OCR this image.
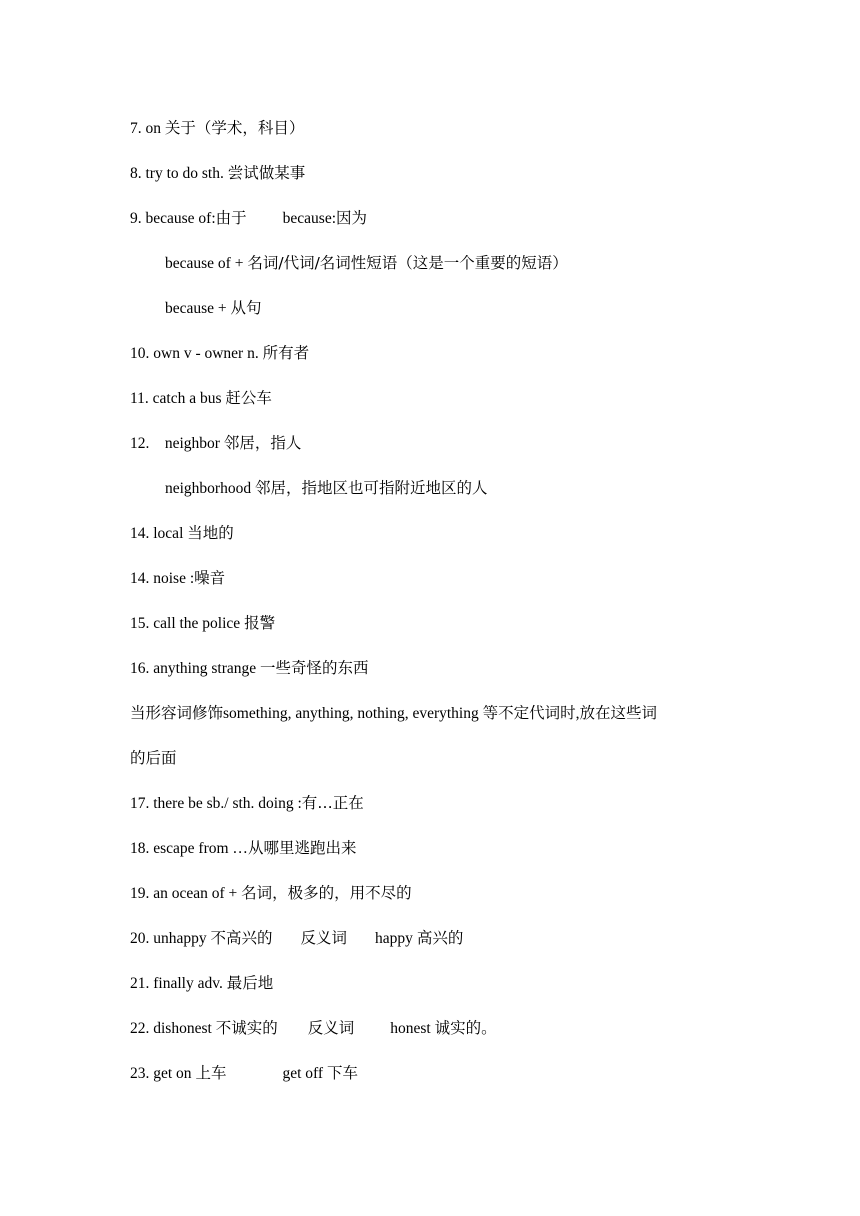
7. on 关于（学术，科目）
8. try to do sth. 尝试做某事
9. because of:由于 because:因为
because of + 名词/代词/名词性短语（这是一个重要的短语）
because + 从句
10. own v - owner n. 所有者
11. catch a bus 赶公车
12.　neighbor 邻居，指人
neighborhood 邻居，指地区也可指附近地区的人
14. local 当地的
14. noise :噪音
15. call the police 报警
16. anything strange 一些奇怪的东西
当形容词修饰something, anything, nothing, everything 等不定代词时,放在这些词
的后面
17. there be sb./ sth. doing :有…正在
18. escape from …从哪里逃跑出来
19. an ocean of + 名词，极多的，用不尽的
20. unhappy 不高兴的 反义词 happy 高兴的
21. finally adv. 最后地
22. dishonest 不诚实的 反义词 honest 诚实的。
23. get on 上车	get off 下车
